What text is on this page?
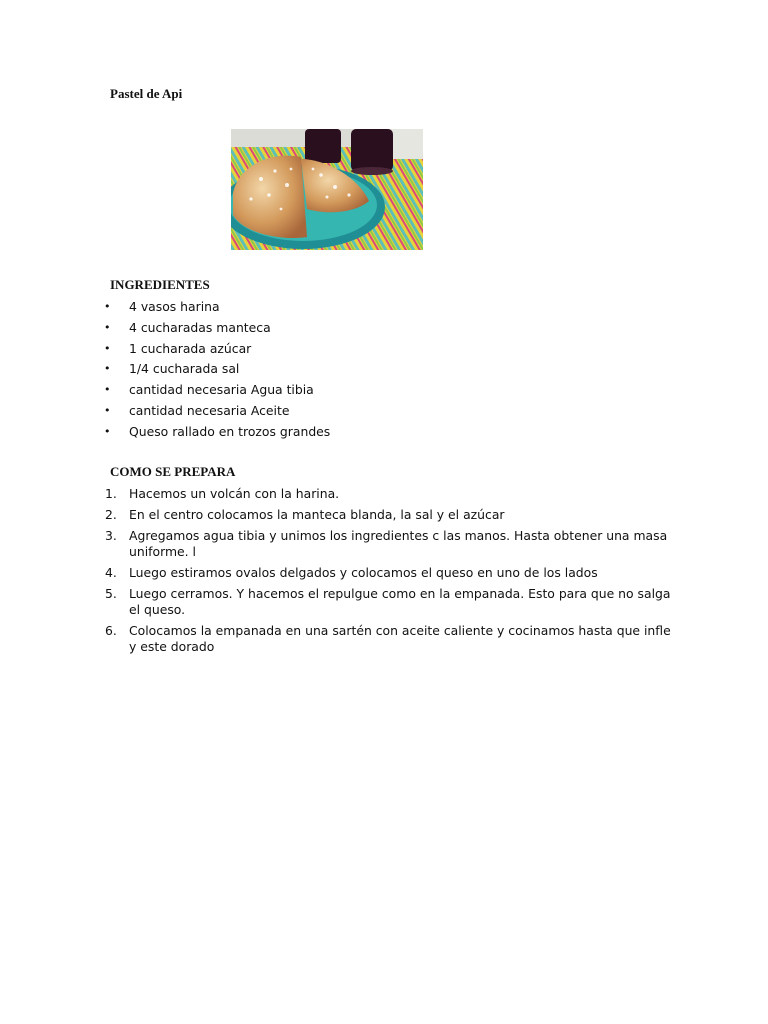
Pastel de Api
INGREDIENTES
• 4 vasos harina
• 4 cucharadas manteca
• 1 cucharada azúcar
• 1/4 cucharada sal
• cantidad necesaria Agua tibia
• cantidad necesaria Aceite
• Queso rallado en trozos grandes
COMO SE PREPARA
1. Hacemos un volcán con la harina.
2. En el centro colocamos la manteca blanda, la sal y el azúcar
3. Agregamos agua tibia y unimos los ingredientes c las manos. Hasta obtener una masa uniforme. l
4. Luego estiramos ovalos delgados y colocamos el queso en uno de los lados
5. Luego cerramos. Y hacemos el repulgue como en la empanada. Esto para que no salga el queso.
6. Colocamos la empanada en una sartén con aceite caliente y cocinamos hasta que infle y este dorado
